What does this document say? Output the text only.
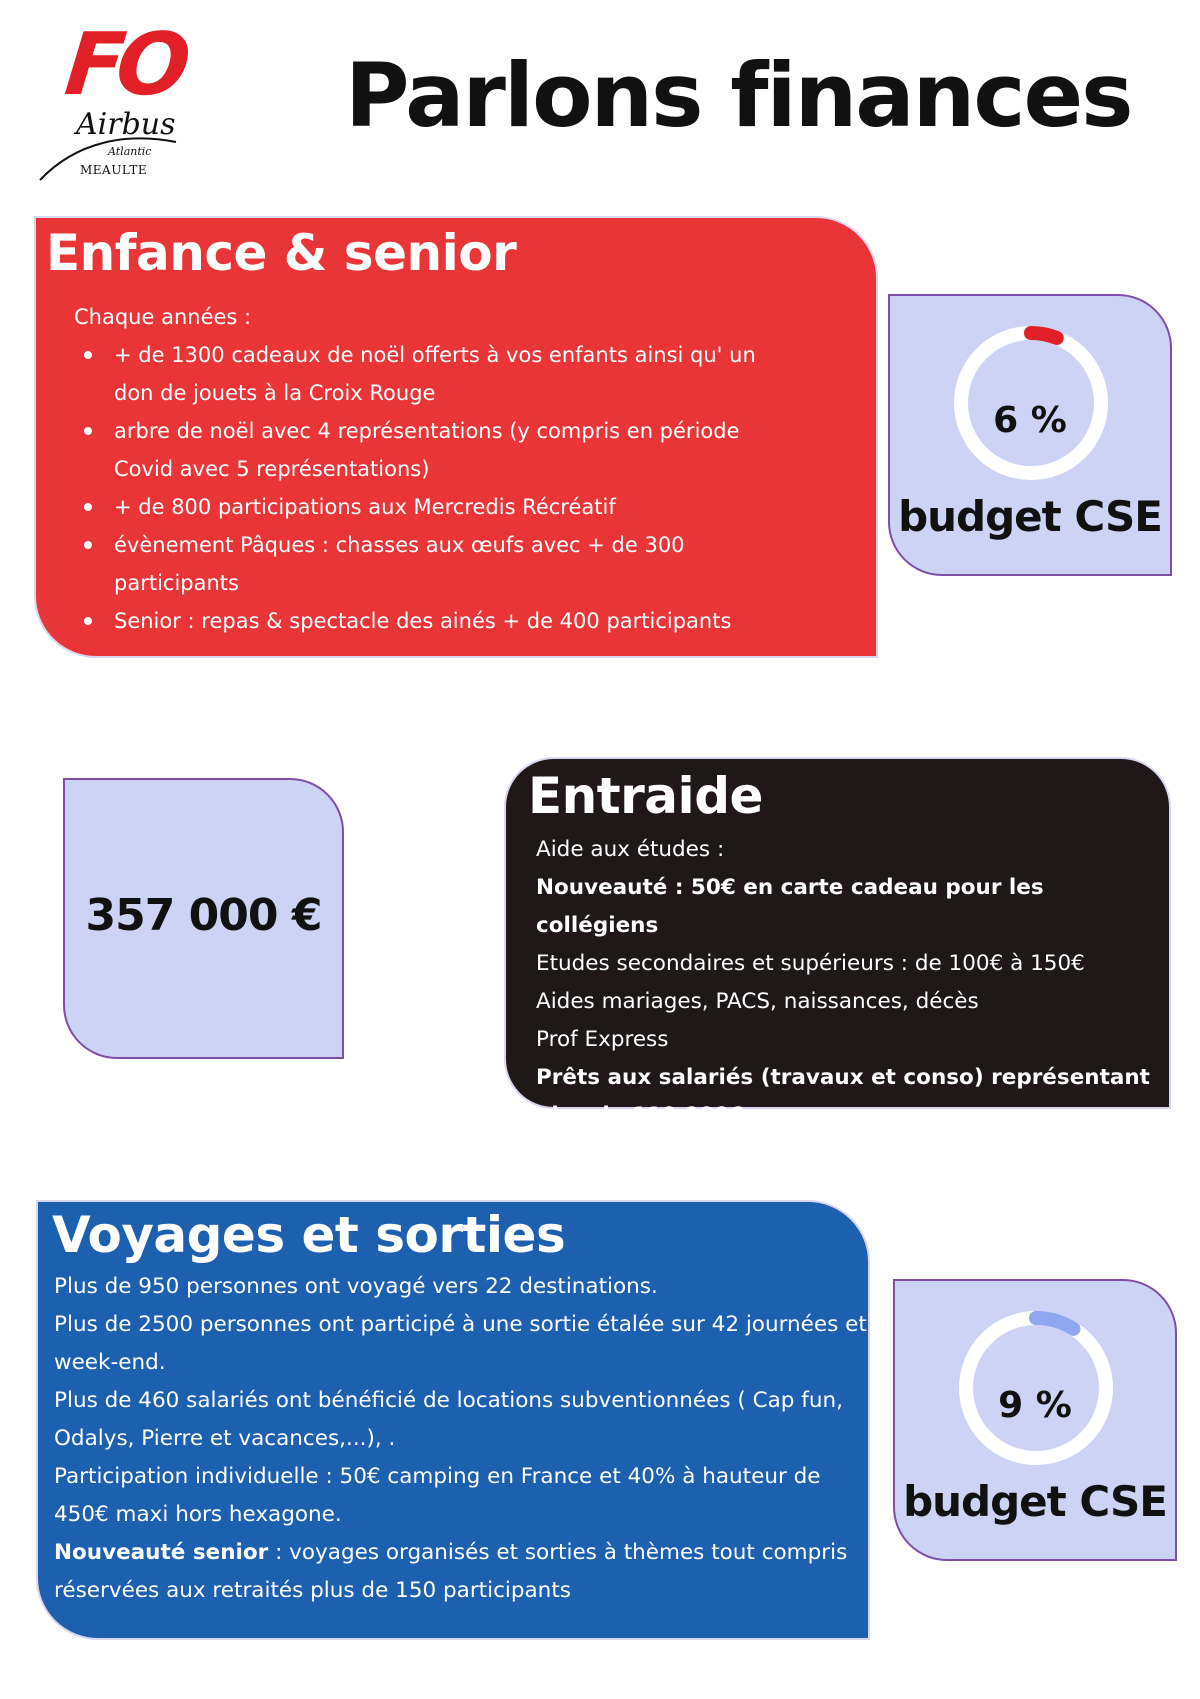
FO
Airbus
Atlantic
MEAULTE
Parlons finances
Enfance & senior
Chaque années :
+ de 1300 cadeaux de noël offerts à vos enfants ainsi qu' un don de jouets à la Croix Rouge
arbre de noël avec 4 représentations (y compris en période Covid avec 5 représentations)
+ de 800 participations aux Mercredis Récréatif
évènement Pâques : chasses aux œufs avec + de 300 participants
Senior : repas & spectacle des ainés + de 400 participants
6 %
budget CSE
357 000 €
Entraide
Aide aux études :
Nouveauté : 50€ en carte cadeau pour les collégiens
Etudes secondaires et supérieurs : de 100€ à 150€
Aides mariages, PACS, naissances, décès
Prof Express
Prêts aux salariés (travaux et conso) représentant plus de 110 000€
Voyages et sorties
Plus de 950 personnes ont voyagé vers 22 destinations.
Plus de 2500 personnes ont participé à une sortie étalée sur 42 journées et week-end.
Plus de 460 salariés ont bénéficié de locations subventionnées ( Cap fun, Odalys, Pierre et vacances,...), .
Participation individuelle : 50€ camping en France et 40% à hauteur de 450€ maxi hors hexagone.
Nouveauté senior : voyages organisés et sorties à thèmes tout compris réservées aux retraités plus de 150 participants
9 %
budget CSE
